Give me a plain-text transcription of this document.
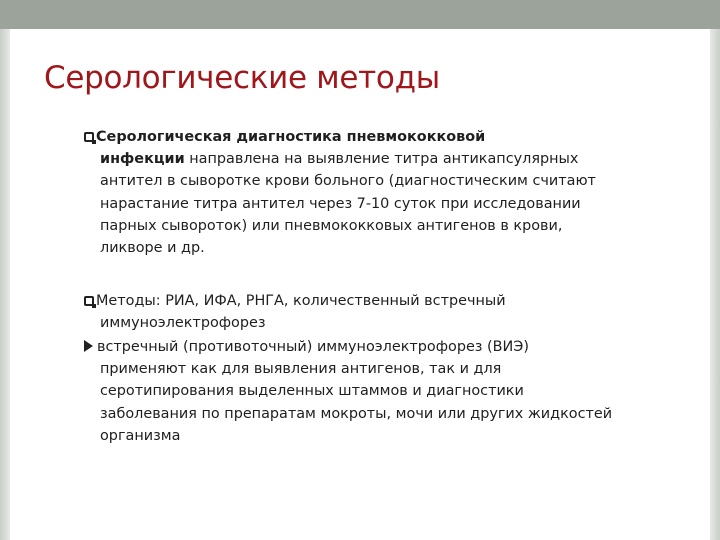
Серологические методы
Серологическая диагностика пневмококковой
инфекции направлена на выявление титра антикапсулярных
антител в сыворотке крови больного (диагностическим считают
нарастание титра антител через 7-10 суток при исследовании
парных сывороток) или пневмококковых антигенов в крови,
ликворе и др.
Методы: РИА, ИФА, РНГА, количественный встречный
иммуноэлектрофорез
встречный (противоточный) иммуноэлектрофорез (ВИЭ)
применяют как для выявления антигенов, так и для
серотипирования выделенных штаммов и диагностики
заболевания по препаратам мокроты, мочи или других жидкостей
организма
